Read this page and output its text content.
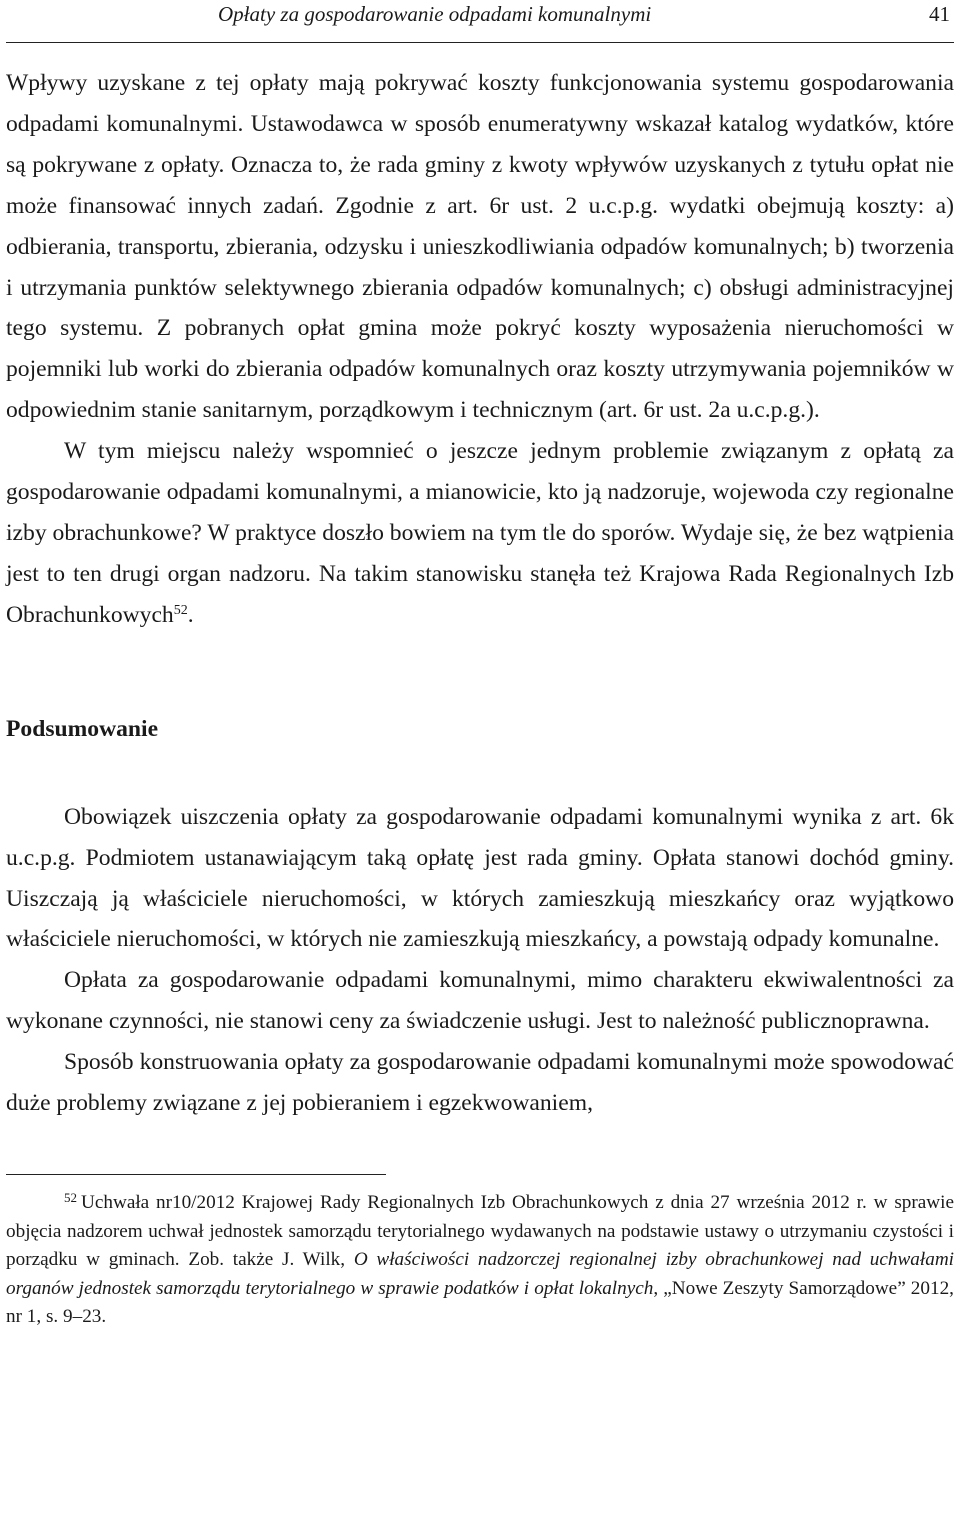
Opłaty za gospodarowanie odpadami komunalnymi	41

Wpływy uzyskane z tej opłaty mają pokrywać koszty funkcjonowania systemu gospodarowania odpadami komunalnymi. Ustawodawca w sposób enumeratywny wskazał katalog wydatków, które są pokrywane z opłaty. Oznacza to, że rada gminy z kwoty wpływów uzyskanych z tytułu opłat nie może finansować innych zadań. Zgodnie z art. 6r ust. 2 u.c.p.g. wydatki obejmują koszty: a) odbierania, transportu, zbierania, odzysku i unieszkodliwiania odpadów komunalnych; b) tworzenia i utrzymania punktów selektywnego zbierania odpadów komunalnych; c) obsługi administracyjnej tego systemu. Z pobranych opłat gmina może pokryć koszty wyposażenia nieruchomości w pojemniki lub worki do zbierania odpadów komunalnych oraz koszty utrzymywania pojemników w odpowiednim stanie sanitarnym, porządkowym i technicznym (art. 6r ust. 2a u.c.p.g.).

W tym miejscu należy wspomnieć o jeszcze jednym problemie związanym z opłatą za gospodarowanie odpadami komunalnymi, a mianowicie, kto ją nadzoruje, wojewoda czy regionalne izby obrachunkowe? W praktyce doszło bowiem na tym tle do sporów. Wydaje się, że bez wątpienia jest to ten drugi organ nadzoru. Na takim stanowisku stanęła też Krajowa Rada Regionalnych Izb Obrachunkowych$^{52}$.

Podsumowanie

Obowiązek uiszczenia opłaty za gospodarowanie odpadami komunalnymi wynika z art. 6k u.c.p.g. Podmiotem ustanawiającym taką opłatę jest rada gminy. Opłata stanowi dochód gminy. Uiszczają ją właściciele nieruchomości, w których zamieszkują mieszkańcy oraz wyjątkowo właściciele nieruchomości, w których nie zamieszkują mieszkańcy, a powstają odpady komunalne.

Opłata za gospodarowanie odpadami komunalnymi, mimo charakteru ekwiwalentności za wykonane czynności, nie stanowi ceny za świadczenie usługi. Jest to należność publicznoprawna.

Sposób konstruowania opłaty za gospodarowanie odpadami komunalnymi może spowodować duże problemy związane z jej pobieraniem i egzekwowaniem,

$^{52}$ Uchwała nr10/2012 Krajowej Rady Regionalnych Izb Obrachunkowych z dnia 27 września 2012 r. w sprawie objęcia nadzorem uchwał jednostek samorządu terytorialnego wydawanych na podstawie ustawy o utrzymaniu czystości i porządku w gminach. Zob. także J. Wilk, O właściwości nadzorczej regionalnej izby obrachunkowej nad uchwałami organów jednostek samorządu terytorialnego w sprawie podatków i opłat lokalnych, „Nowe Zeszyty Samorządowe” 2012, nr 1, s. 9–23.
